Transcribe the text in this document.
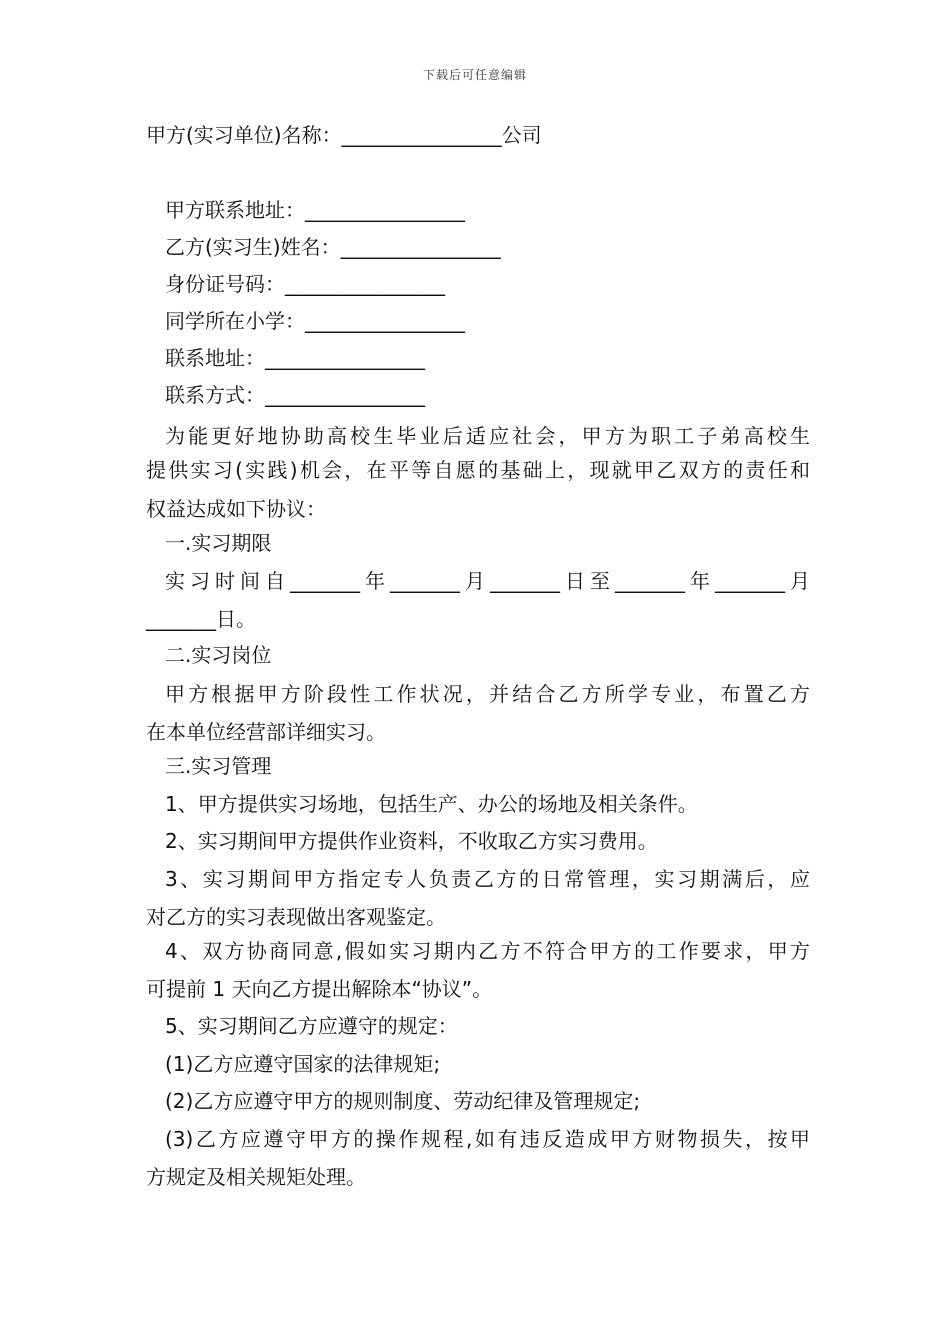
下载后可任意编辑
甲方(实习单位)名称：________________公司
甲方联系地址：________________
乙方(实习生)姓名：________________
身份证号码：________________
同学所在小学：________________
联系地址：________________
联系方式：________________
为能更好地协助高校生毕业后适应社会，甲方为职工子弟高校生
提供实习(实践)机会，在平等自愿的基础上，现就甲乙双方的责任和
权益达成如下协议：
一.实习期限
实习时间自_______年_______月_______日至_______年_______月
_______日。
二.实习岗位
甲方根据甲方阶段性工作状况，并结合乙方所学专业，布置乙方
在本单位经营部详细实习。
三.实习管理
1、甲方提供实习场地，包括生产、办公的场地及相关条件。
2、实习期间甲方提供作业资料，不收取乙方实习费用。
3、实习期间甲方指定专人负责乙方的日常管理，实习期满后，应
对乙方的实习表现做出客观鉴定。
4、双方协商同意,假如实习期内乙方不符合甲方的工作要求，甲方
可提前 1 天向乙方提出解除本“协议”。
5、实习期间乙方应遵守的规定：
(1)乙方应遵守国家的法律规矩;
(2)乙方应遵守甲方的规则制度、劳动纪律及管理规定;
(3)乙方应遵守甲方的操作规程,如有违反造成甲方财物损失，按甲
方规定及相关规矩处理。
